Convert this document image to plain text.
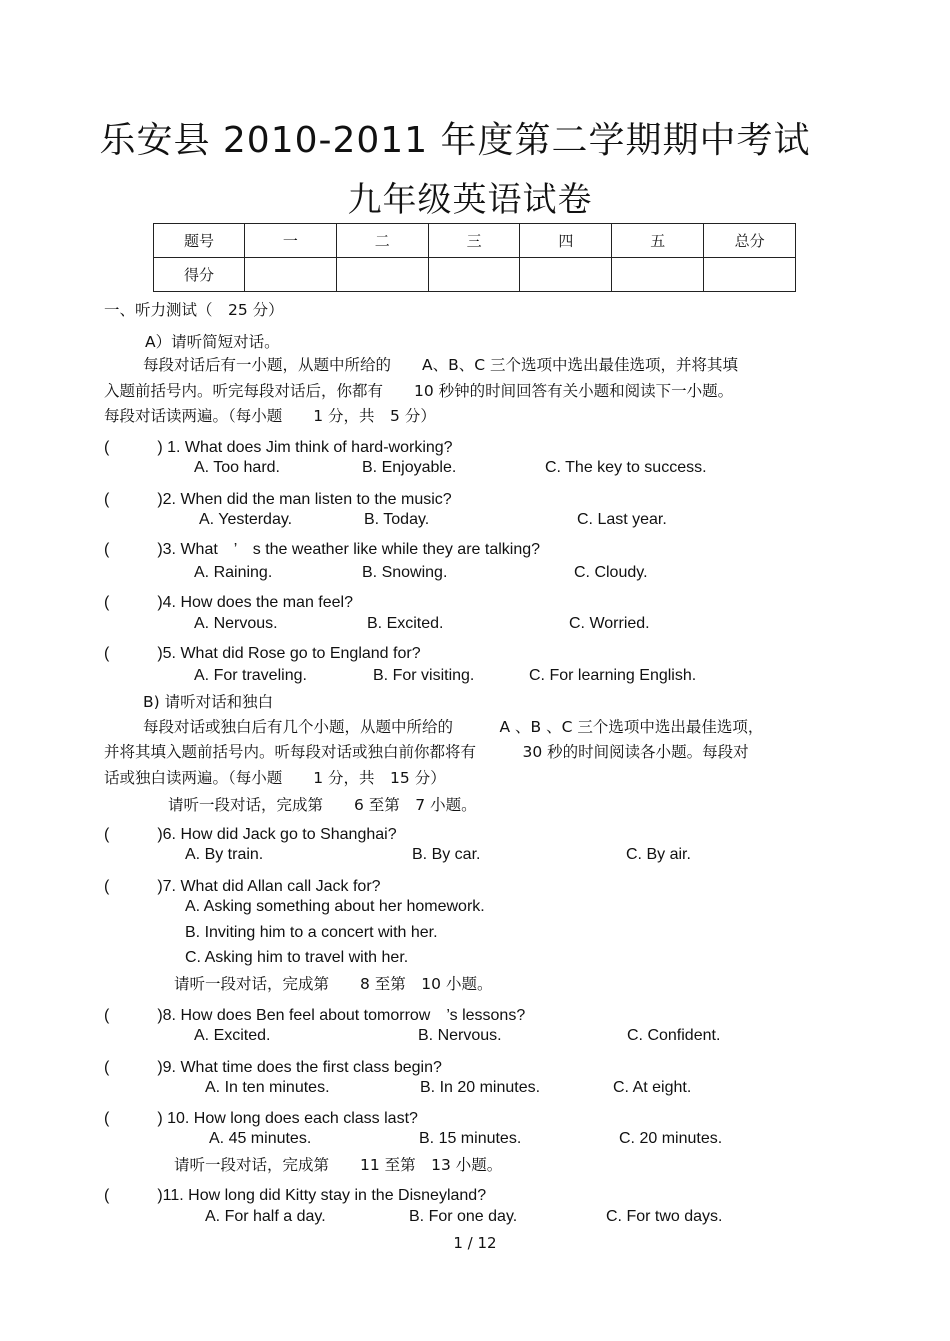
乐安县 2010-2011 年度第二学期期中考试
九年级英语试卷
题号	一	二	三	四	五	总分
得分						
一、听力测试（　25 分）
A）请听简短对话。
每段对话后有一小题，从题中所给的　　A、B、C 三个选项中选出最佳选项，并将其填
入题前括号内。听完每段对话后，你都有　　10 秒钟的时间回答有关小题和阅读下一小题。
每段对话读两遍。（每小题　　1 分，共　5 分）
(　　　) 1. What does Jim think of hard-working?
A. Too hard.	B. Enjoyable.	C. The key to success.
(　　　)2. When did the man listen to the music?
A. Yesterday.	B. Today.	C. Last year.
(　　　)3. What　’　s the weather like while they are talking?
A. Raining.	B. Snowing.	C. Cloudy.
(　　　)4. How does the man feel?
A. Nervous.	B. Excited.	C. Worried.
(　　　)5. What did Rose go to England for?
A. For traveling.	B. For visiting.	C. For learning English.
B) 请听对话和独白
每段对话或独白后有几个小题，从题中所给的　　　A 、B 、C 三个选项中选出最佳选项，
并将其填入题前括号内。听每段对话或独白前你都将有　　　30 秒的时间阅读各小题。每段对
话或独白读两遍。（每小题　　1 分，共　15 分）
请听一段对话，完成第　　6 至第　7 小题。
(　　　)6. How did Jack go to Shanghai?
A. By train.	B. By car.	C. By air.
(　　　)7. What did Allan call Jack for?
A. Asking something about her homework.
B. Inviting him to a concert with her.
C. Asking him to travel with her.
请听一段对话，完成第　　8 至第　10 小题。
(　　　)8. How does Ben feel about tomorrow　’s lessons?
A. Excited.	B. Nervous.	C. Confident.
(　　　)9. What time does the first class begin?
A. In ten minutes.	B. In 20 minutes.	C. At eight.
(　　　) 10. How long does each class last?
A. 45 minutes.	B. 15 minutes.	C. 20 minutes.
请听一段对话，完成第　　11 至第　13 小题。
(　　　)11. How long did Kitty stay in the Disneyland?
A. For half a day.	B. For one day.	C. For two days.
1 / 12
